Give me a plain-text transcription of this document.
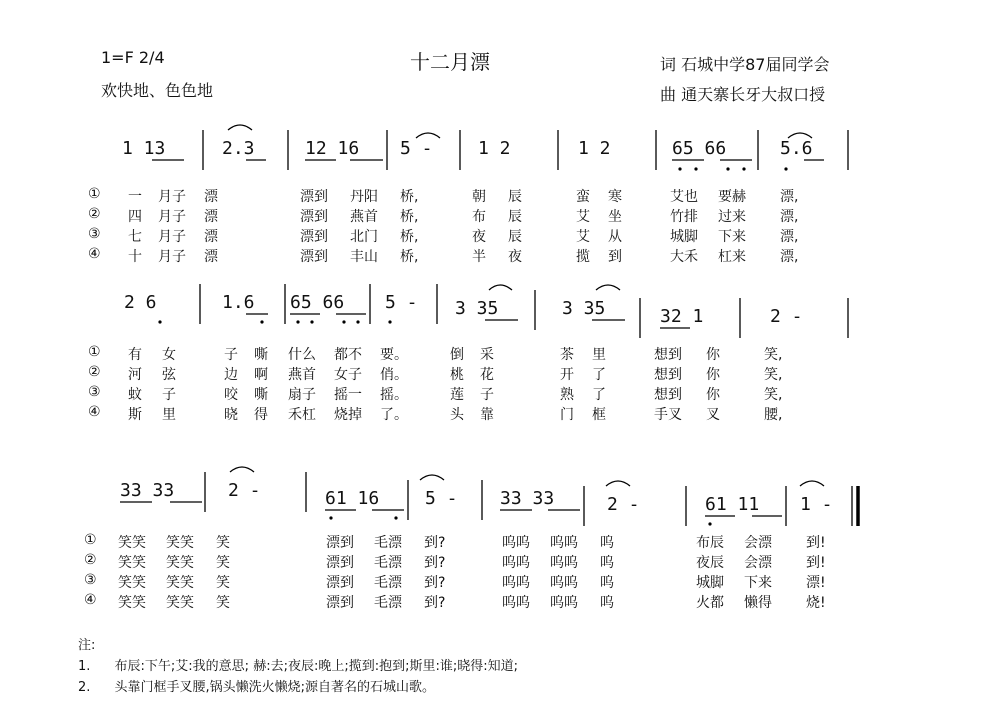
1=F 2/4
欢快地、色色地
十二月漂	词 石城中学87届同学会
曲 通天寨长牙大叔口授
1 13	2.3	12 16 5 -	1 2	1 2	65 66	5.6
2 6	1.6 65 66 5 - 3 35	3 35	32 1	2 -
33 33	2 -	61 16	5 - 33 33	2 -	61 11 1 -
① 一 月子 漂	漂到 丹阳 桥,	朝 辰	蛮 寒	艾也 要赫 漂,
② 四 月子 漂	漂到 燕首 桥,	布 辰	艾 坐	竹排 过来 漂,
③ 七 月子 漂	漂到 北门 桥,	夜 辰	艾 从	城脚 下来 漂,
④ 十 月子 漂	漂到 丰山 桥,	半 夜	揽 到	大禾 杠来 漂,
① 有 女	子 嘶 什么 都不 要。	倒 采	茶 里	想到 你	笑,
② 河 弦	边 啊 燕首 女子 俏。	桃 花	开 了	想到 你	笑,
③ 蚊 子	咬 嘶 扇子 摇一 摇。	莲 子	熟 了	想到 你	笑,
④ 斯 里	晓 得 禾杠 烧掉 了。	头 靠	门 框	手叉 叉	腰,
① 笑笑 笑笑 笑	漂到 毛漂 到?	呜呜 呜呜 呜	布辰 会漂 到!
② 笑笑 笑笑 笑	漂到 毛漂 到?	呜呜 呜呜 呜	夜辰 会漂 到!
③ 笑笑 笑笑 笑	漂到 毛漂 到?	呜呜 呜呜 呜	城脚 下来 漂!
④ 笑笑 笑笑 笑	漂到 毛漂 到?	呜呜 呜呜 呜	火都 懒得 烧!
注:
1. 布辰:下午;艾:我的意思; 赫:去;夜辰:晚上;揽到:抱到;斯里:谁;晓得:知道;
2. 头靠门框手叉腰,锅头懒洗火懒烧;源自著名的石城山歌。
